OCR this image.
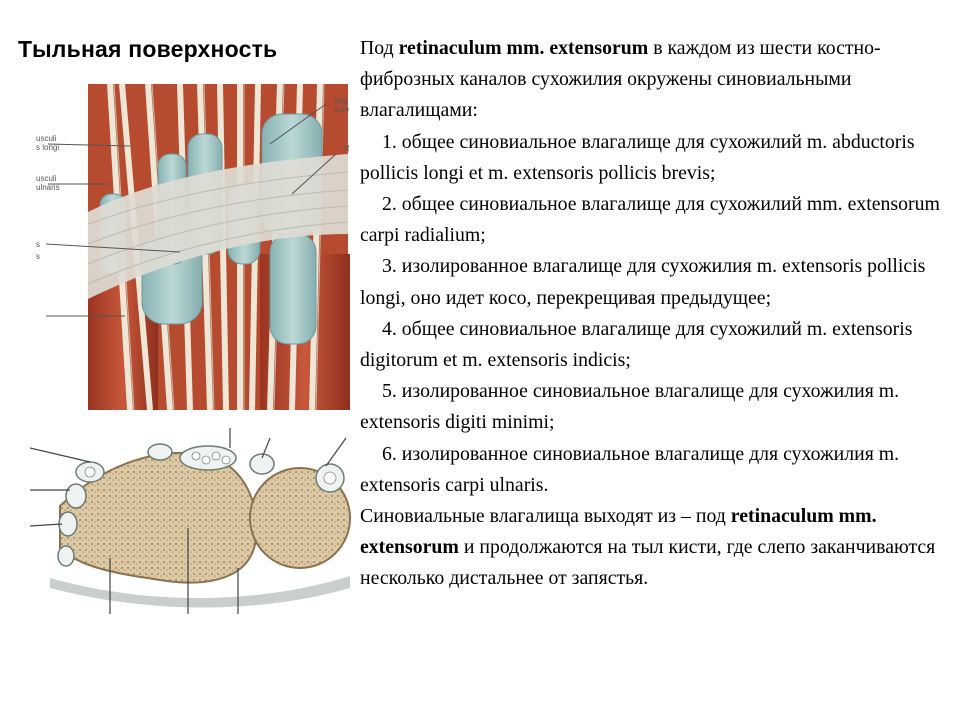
Тыльная поверхность
usculi
s longi
usculi
ulnaris
s
s
Vag
exte
R

Под retinaculum mm. extensorum в каждом из шести костно-фиброзных каналов сухожилия окружены синовиальными влагалищами:

1. общее синовиальное влагалище для сухожилий m. abductoris pollicis longi et m. extensoris pollicis brevis;

2. общее синовиальное влагалище для сухожилий mm. extensorum carpi radialium;

3. изолированное влагалище для сухожилия m. extensoris pollicis longi, оно идет косо, перекрещивая предыдущее;

4. общее синовиальное влагалище для сухожилий m. extensoris digitorum et m. extensoris indicis;

5. изолированное синовиальное влагалище для сухожилия m. extensoris digiti minimi;

6. изолированное синовиальное влагалище для сухожилия m. extensoris carpi ulnaris.

Синовиальные влагалища выходят из – под retinaculum mm. extensorum и продолжаются на тыл кисти, где слепо заканчиваются несколько дистальнее от запястья.
